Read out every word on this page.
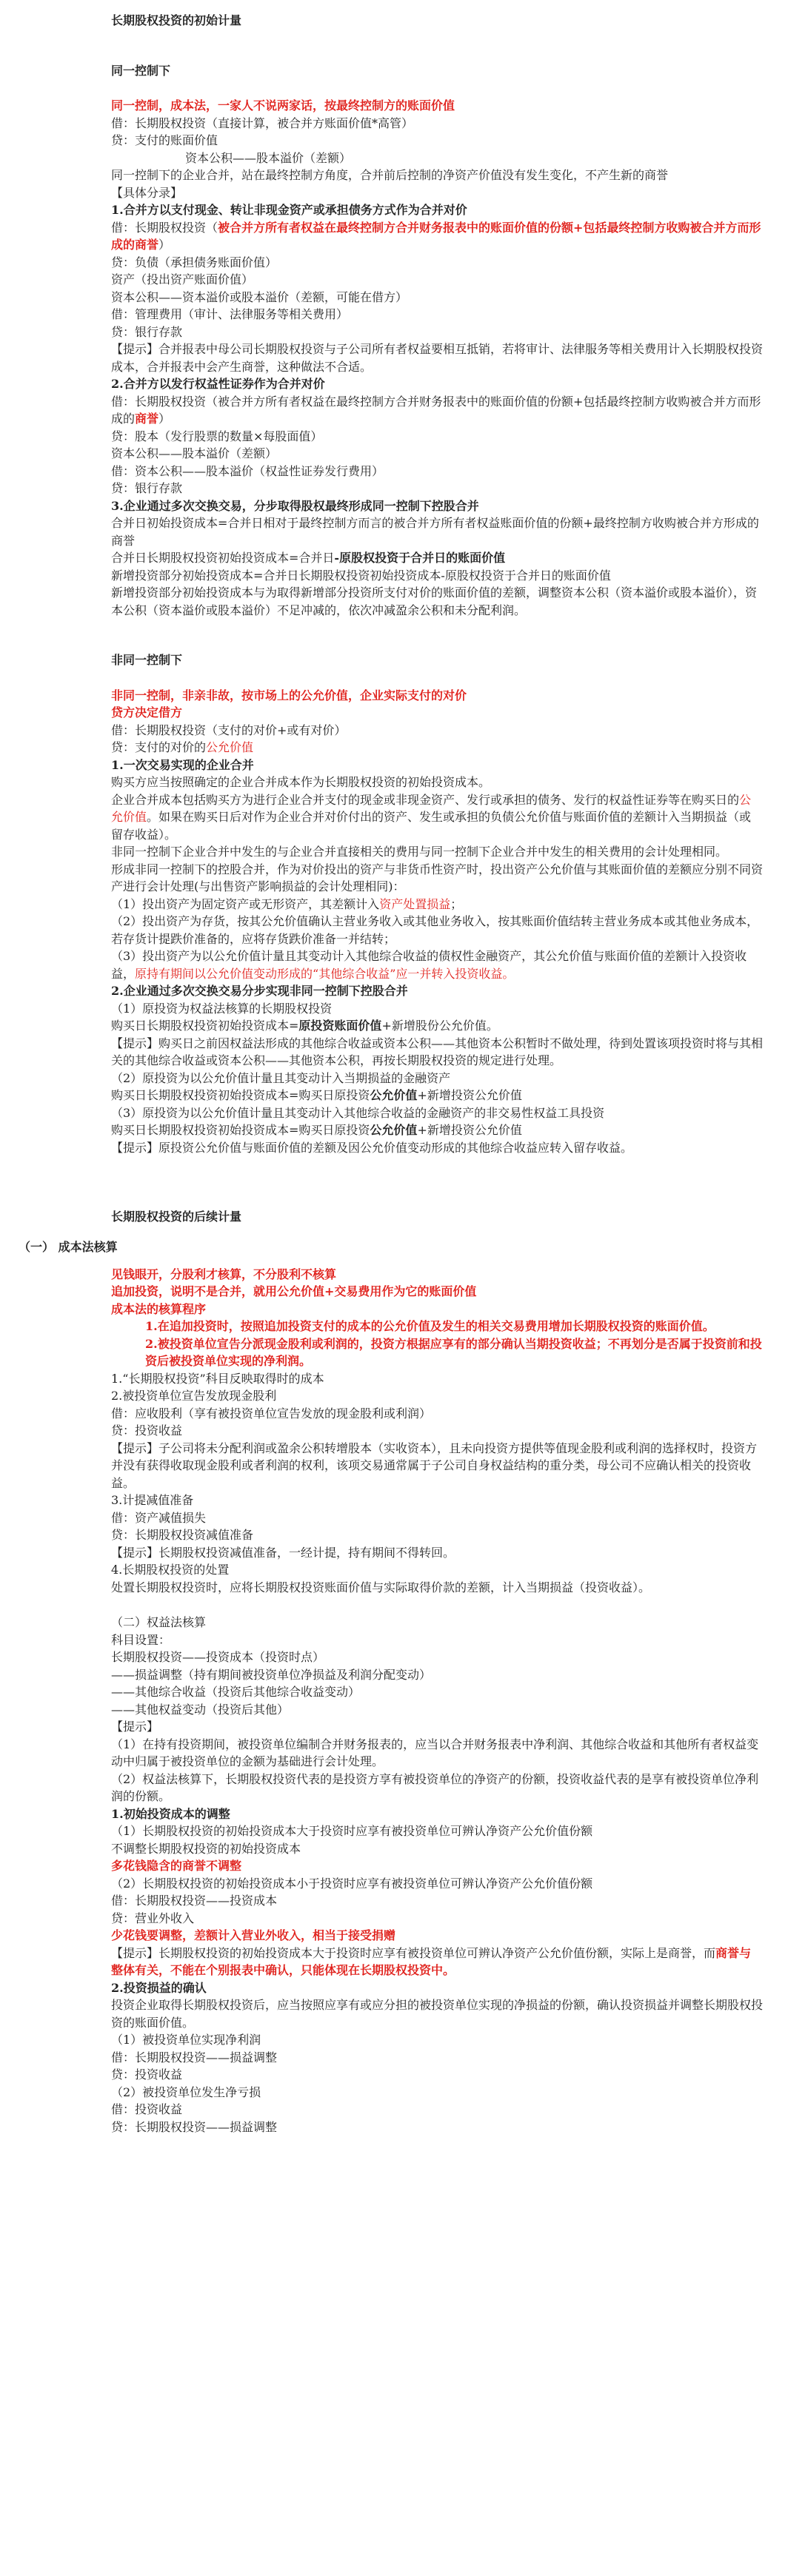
长期股权投资的初始计量

同一控制下

同一控制，成本法，一家人不说两家话，按最终控制方的账面价值

借：长期股权投资（直接计算，被合并方账面价值*高管）

贷：支付的账面价值

资本公积——股本溢价（差额）

同一控制下的企业合并，站在最终控制方角度，合并前后控制的净资产价值没有发生变化，不产生新的商誉

【具体分录】

1.合并方以支付现金、转让非现金资产或承担债务方式作为合并对价

借：长期股权投资（被合并方所有者权益在最终控制方合并财务报表中的账面价值的份额+包括最终控制方收购被合并方而形成的商誉）

贷：负债（承担债务账面价值）

资产（投出资产账面价值）

资本公积——资本溢价或股本溢价（差额，可能在借方）

借：管理费用（审计、法律服务等相关费用）

贷：银行存款

【提示】合并报表中母公司长期股权投资与子公司所有者权益要相互抵销，若将审计、法律服务等相关费用计入长期股权投资成本，合并报表中会产生商誉，这种做法不合适。

2.合并方以发行权益性证券作为合并对价

借：长期股权投资（被合并方所有者权益在最终控制方合并财务报表中的账面价值的份额+包括最终控制方收购被合并方而形成的商誉）

贷：股本（发行股票的数量×每股面值）

资本公积——股本溢价（差额）

借：资本公积——股本溢价（权益性证券发行费用）

贷：银行存款

3.企业通过多次交换交易，分步取得股权最终形成同一控制下控股合并

合并日初始投资成本=合并日相对于最终控制方而言的被合并方所有者权益账面价值的份额+最终控制方收购被合并方形成的商誉

合并日长期股权投资初始投资成本=合并日-原股权投资于合并日的账面价值

新增投资部分初始投资成本=合并日长期股权投资初始投资成本-原股权投资于合并日的账面价值

新增投资部分初始投资成本与为取得新增部分投资所支付对价的账面价值的差额，调整资本公积（资本溢价或股本溢价），资本公积（资本溢价或股本溢价）不足冲减的，依次冲减盈余公积和未分配利润。

非同一控制下

非同一控制，非亲非故，按市场上的公允价值，企业实际支付的对价

贷方决定借方

借：长期股权投资（支付的对价+或有对价）

贷：支付的对价的公允价值

1.一次交易实现的企业合并

购买方应当按照确定的企业合并成本作为长期股权投资的初始投资成本。

企业合并成本包括购买方为进行企业合并支付的现金或非现金资产、发行或承担的债务、发行的权益性证券等在购买日的公允价值。如果在购买日后对作为企业合并对价付出的资产、发生或承担的负债公允价值与账面价值的差额计入当期损益（或留存收益）。

非同一控制下企业合并中发生的与企业合并直接相关的费用与同一控制下企业合并中发生的相关费用的会计处理相同。

形成非同一控制下的控股合并，作为对价投出的资产与非货币性资产时，投出资产公允价值与其账面价值的差额应分别不同资产进行会计处理(与出售资产影响损益的会计处理相同)：

（1）投出资产为固定资产或无形资产，其差额计入资产处置损益；

（2）投出资产为存货，按其公允价值确认主营业务收入或其他业务收入，按其账面价值结转主营业务成本或其他业务成本，若存货计提跌价准备的，应将存货跌价准备一并结转；

（3）投出资产为以公允价值计量且其变动计入其他综合收益的债权性金融资产，其公允价值与账面价值的差额计入投资收益，原持有期间以公允价值变动形成的“其他综合收益”应一并转入投资收益。

2.企业通过多次交换交易分步实现非同一控制下控股合并

（1）原投资为权益法核算的长期股权投资

购买日长期股权投资初始投资成本=原投资账面价值+新增股份公允价值。

【提示】购买日之前因权益法形成的其他综合收益或资本公积——其他资本公积暂时不做处理，待到处置该项投资时将与其相关的其他综合收益或资本公积——其他资本公积，再按长期股权投资的规定进行处理。

（2）原投资为以公允价值计量且其变动计入当期损益的金融资产

购买日长期股权投资初始投资成本=购买日原投资公允价值+新增投资公允价值

（3）原投资为以公允价值计量且其变动计入其他综合收益的金融资产的非交易性权益工具投资

购买日长期股权投资初始投资成本=购买日原投资公允价值+新增投资公允价值

【提示】原投资公允价值与账面价值的差额及因公允价值变动形成的其他综合收益应转入留存收益。

长期股权投资的后续计量

（一） 成本法核算

见钱眼开，分股利才核算，不分股利不核算

追加投资，说明不是合并，就用公允价值+交易费用作为它的账面价值

成本法的核算程序

1.在追加投资时，按照追加投资支付的成本的公允价值及发生的相关交易费用增加长期股权投资的账面价值。

2.被投资单位宣告分派现金股利或利润的，投资方根据应享有的部分确认当期投资收益；不再划分是否属于投资前和投资后被投资单位实现的净利润。

1.“长期股权投资”科目反映取得时的成本

2.被投资单位宣告发放现金股利

借：应收股利（享有被投资单位宣告发放的现金股利或利润）

贷：投资收益

【提示】子公司将未分配利润或盈余公积转增股本（实收资本），且未向投资方提供等值现金股利或利润的选择权时，投资方并没有获得收取现金股利或者利润的权利，该项交易通常属于子公司自身权益结构的重分类，母公司不应确认相关的投资收益。

3.计提减值准备

借：资产减值损失

贷：长期股权投资减值准备

【提示】长期股权投资减值准备，一经计提，持有期间不得转回。

4.长期股权投资的处置

处置长期股权投资时，应将长期股权投资账面价值与实际取得价款的差额，计入当期损益（投资收益）。

（二）权益法核算

科目设置：

长期股权投资——投资成本（投资时点）

——损益调整（持有期间被投资单位净损益及利润分配变动）

——其他综合收益（投资后其他综合收益变动）

——其他权益变动（投资后其他）

【提示】

（1）在持有投资期间，被投资单位编制合并财务报表的，应当以合并财务报表中净利润、其他综合收益和其他所有者权益变动中归属于被投资单位的金额为基础进行会计处理。

（2）权益法核算下，长期股权投资代表的是投资方享有被投资单位的净资产的份额，投资收益代表的是享有被投资单位净利润的份额。

1.初始投资成本的调整

（1）长期股权投资的初始投资成本大于投资时应享有被投资单位可辨认净资产公允价值份额

不调整长期股权投资的初始投资成本

多花钱隐含的商誉不调整

（2）长期股权投资的初始投资成本小于投资时应享有被投资单位可辨认净资产公允价值份额

借：长期股权投资——投资成本

贷：营业外收入

少花钱要调整，差额计入营业外收入，相当于接受捐赠

【提示】长期股权投资的初始投资成本大于投资时应享有被投资单位可辨认净资产公允价值份额，实际上是商誉，而商誉与整体有关，不能在个别报表中确认，只能体现在长期股权投资中。

2.投资损益的确认

投资企业取得长期股权投资后，应当按照应享有或应分担的被投资单位实现的净损益的份额，确认投资损益并调整长期股权投资的账面价值。

（1）被投资单位实现净利润

借：长期股权投资——损益调整

贷：投资收益

（2）被投资单位发生净亏损

借：投资收益

贷：长期股权投资——损益调整
